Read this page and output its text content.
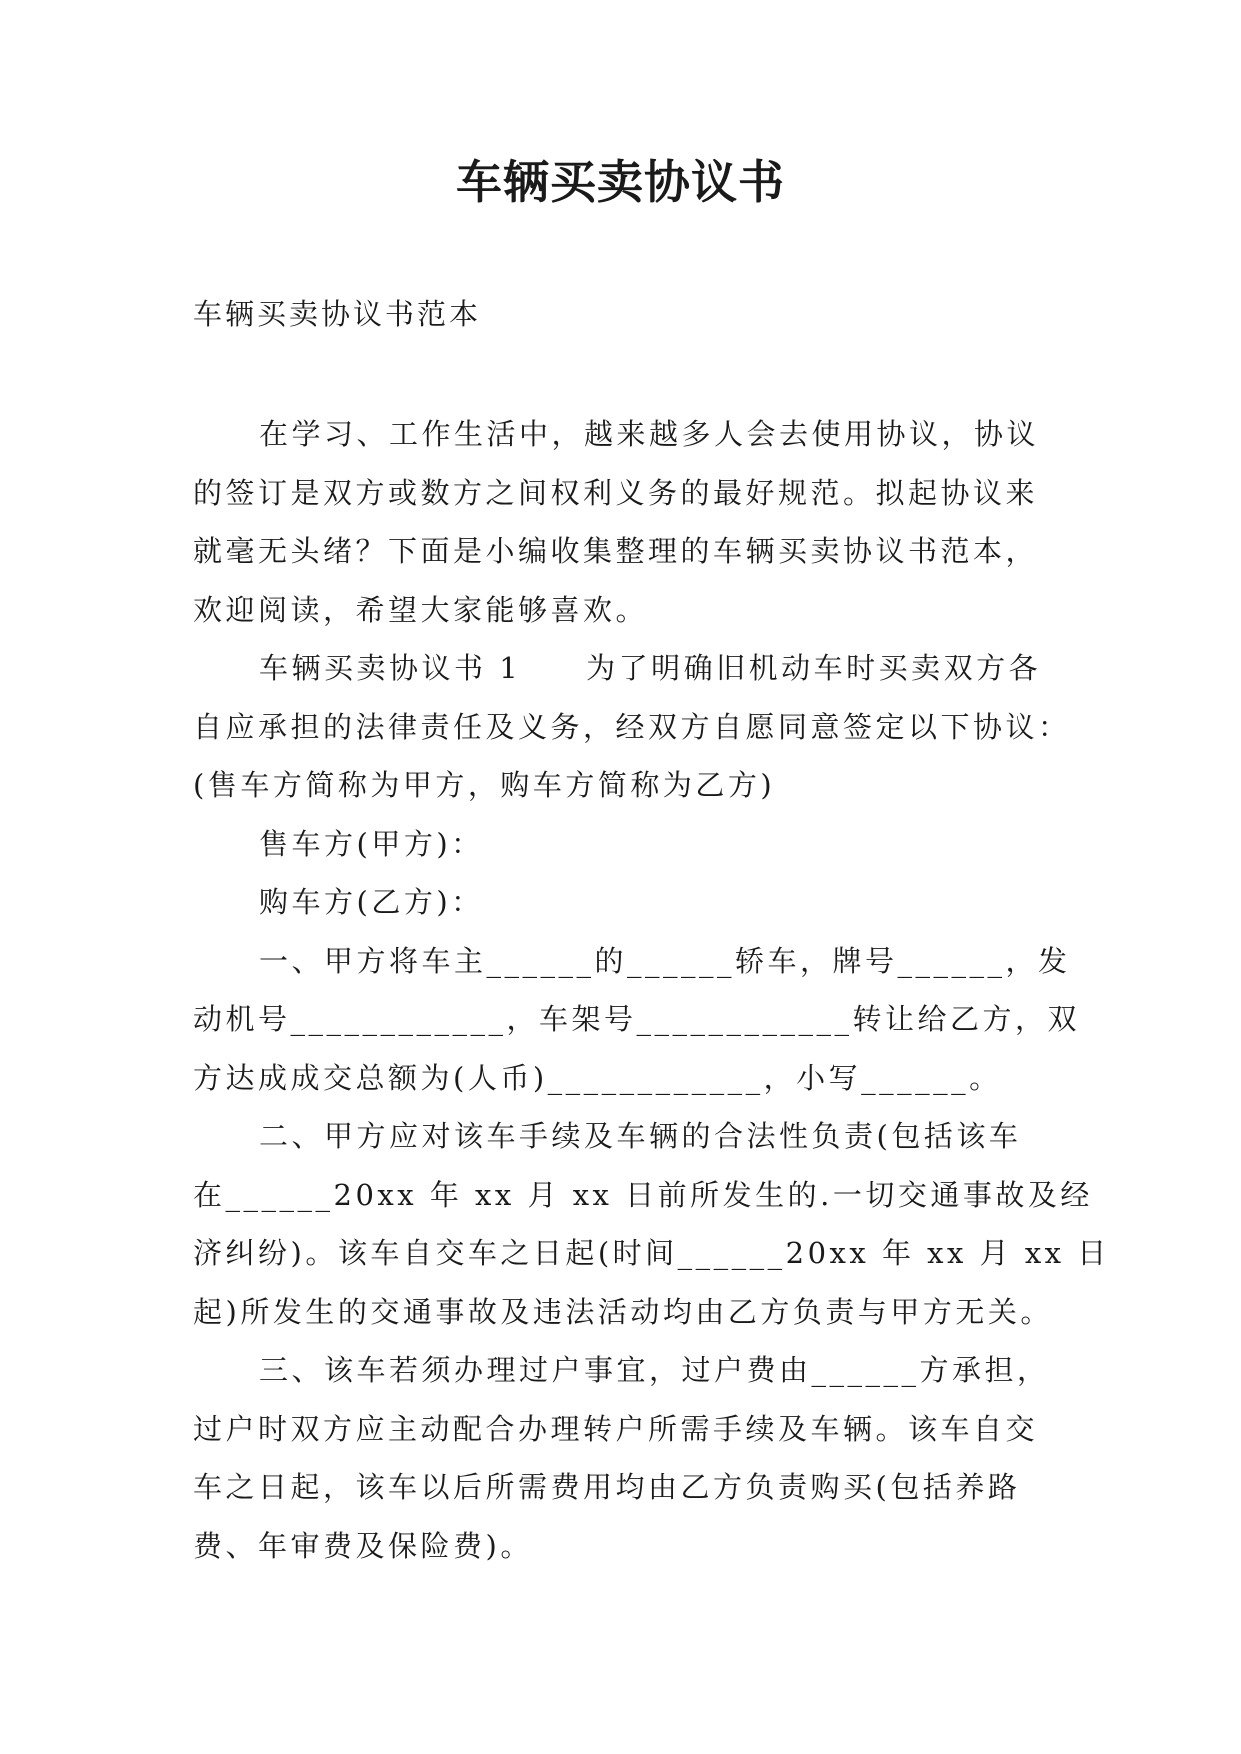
车辆买卖协议书
车辆买卖协议书范本
在学习、工作生活中，越来越多人会去使用协议，协议
的签订是双方或数方之间权利义务的最好规范。拟起协议来
就毫无头绪？下面是小编收集整理的车辆买卖协议书范本，
欢迎阅读，希望大家能够喜欢。
车辆买卖协议书 1　　为了明确旧机动车时买卖双方各
自应承担的法律责任及义务，经双方自愿同意签定以下协议：
(售车方简称为甲方，购车方简称为乙方)
售车方(甲方)：
购车方(乙方)：
一、甲方将车主______的______轿车，牌号______，发
动机号____________，车架号____________转让给乙方，双
方达成成交总额为(人币)____________，小写______。
二、甲方应对该车手续及车辆的合法性负责(包括该车
在______20xx 年 xx 月 xx 日前所发生的.一切交通事故及经
济纠纷)。该车自交车之日起(时间______20xx 年 xx 月 xx 日
起)所发生的交通事故及违法活动均由乙方负责与甲方无关。
三、该车若须办理过户事宜，过户费由______方承担，
过户时双方应主动配合办理转户所需手续及车辆。该车自交
车之日起，该车以后所需费用均由乙方负责购买(包括养路
费、年审费及保险费)。
